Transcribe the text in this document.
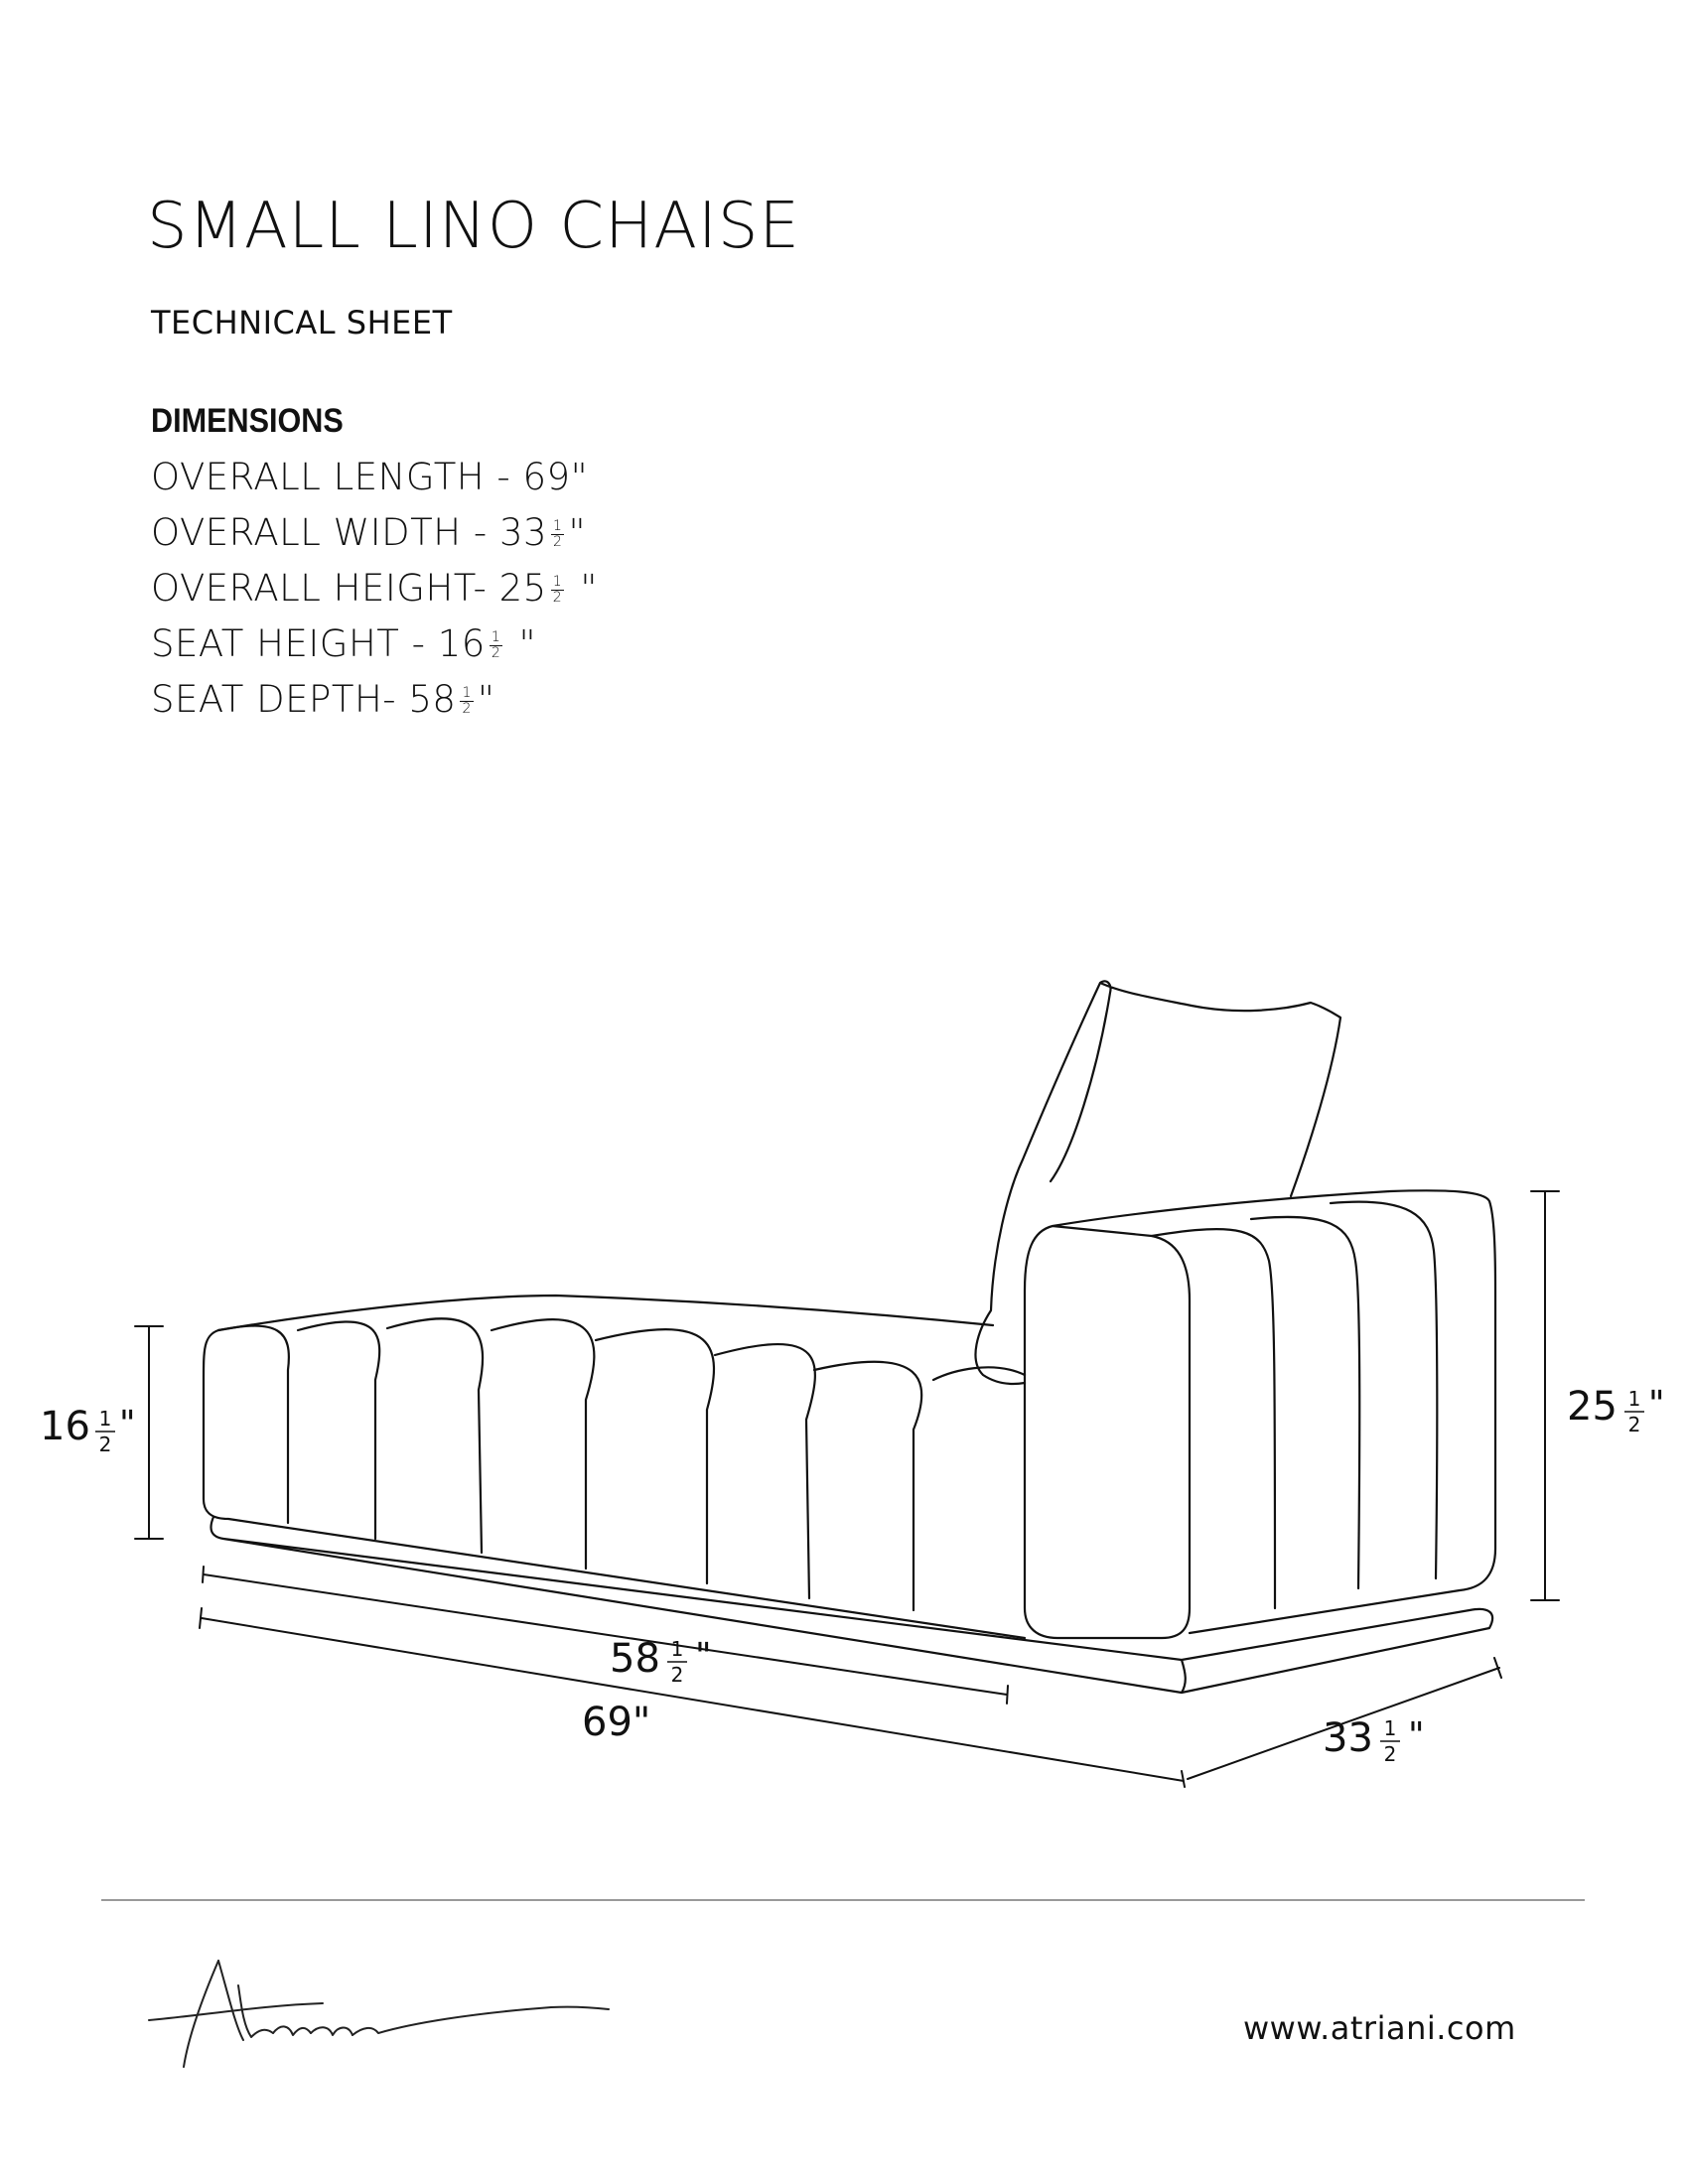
SMALL LINO CHAISE

TECHNICAL SHEET

DIMENSIONS
OVERALL LENGTH - 69"
OVERALL WIDTH - $33 \frac{1}{2}$ "
OVERALL HEIGHT- $25 \frac{1}{2}$ "
SEAT HEIGHT - $16 \frac{1}{2}$ "
SEAT DEPTH- $58 \frac{1}{2}$ "
16 1
2 "	25 1
2 "
58 1
2 "
69"	33 1
2 "
www.atriani.com
